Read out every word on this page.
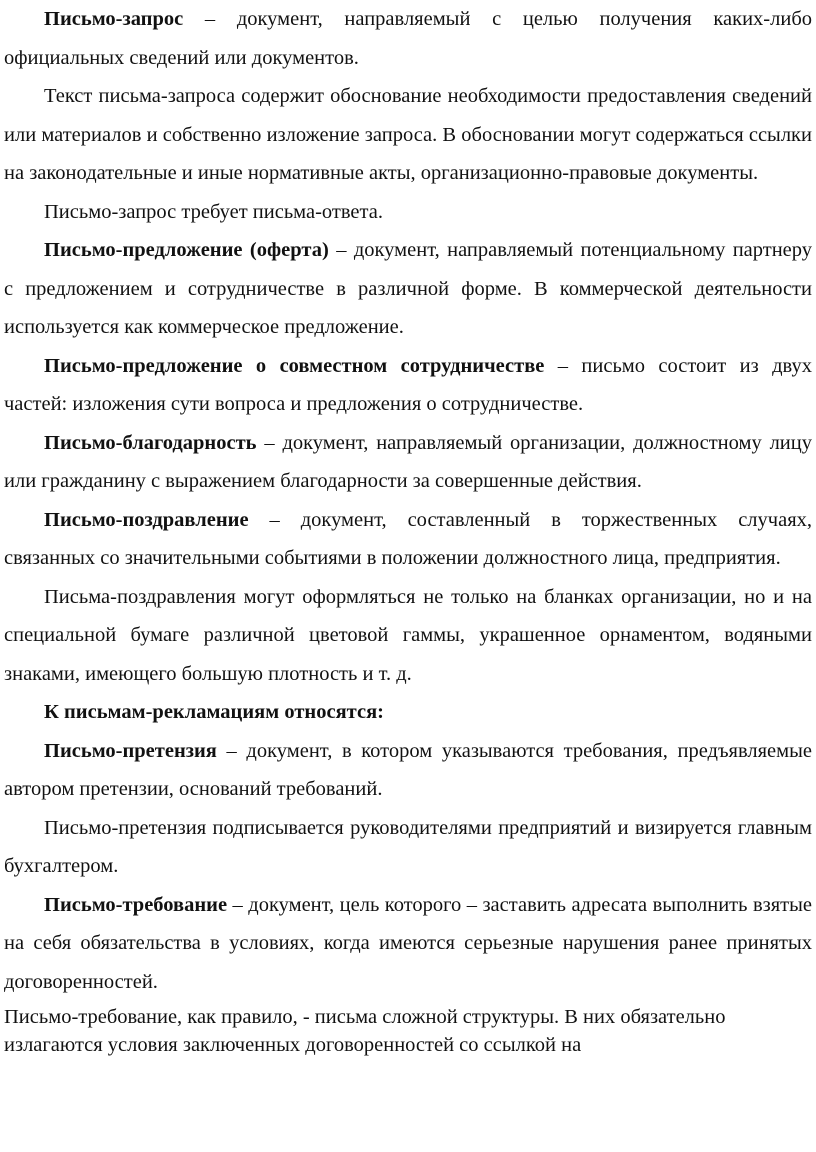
Письмо-запрос – документ, направляемый с целью получения каких-либо официальных сведений или документов.

Текст письма-запроса содержит обоснование необходимости предоставления сведений или материалов и собственно изложение запроса. В обосновании могут содержаться ссылки на законодательные и иные нормативные акты, организационно-правовые документы.

Письмо-запрос требует письма-ответа.

Письмо-предложение (оферта) – документ, направляемый потенциальному партнеру с предложением и сотрудничестве в различной форме. В коммерческой деятельности используется как коммерческое предложение.

Письмо-предложение о совместном сотрудничестве – письмо состоит из двух частей: изложения сути вопроса и предложения о сотрудничестве.

Письмо-благодарность – документ, направляемый организации, должностному лицу или гражданину с выражением благодарности за совершенные действия.

Письмо-поздравление – документ, составленный в торжественных случаях, связанных со значительными событиями в положении должностного лица, предприятия.

Письма-поздравления могут оформляться не только на бланках организации, но и на специальной бумаге различной цветовой гаммы, украшенное орнаментом, водяными знаками, имеющего большую плотность и т. д.

К письмам-рекламациям относятся:

Письмо-претензия – документ, в котором указываются требования, предъявляемые автором претензии, оснований требований.

Письмо-претензия подписывается руководителями предприятий и визируется главным бухгалтером.

Письмо-требование – документ, цель которого – заставить адресата выполнить взятые на себя обязательства в условиях, когда имеются серьезные нарушения ранее принятых договоренностей.

Письмо-требование, как правило, - письма сложной структуры. В них обязательно
излагаются условия заключенных договоренностей со ссылкой на
